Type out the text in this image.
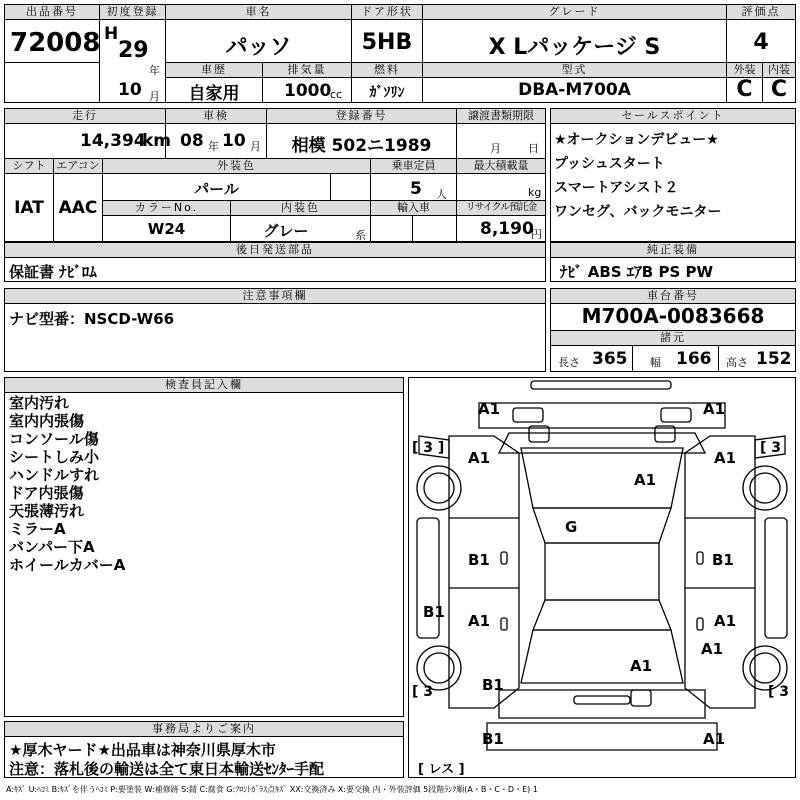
出品番号
72008
初度登録
H
29
年
10 月
車名
パッソ
ドア形状
5HB
グレード
X Lパッケージ S
評価点
4
車歴
自家用
排気量
1000
cc
燃料
ｶﾞｿﾘﾝ
型式
DBA-M700A
外装
C
内装
C
走行
14,394
km
車検
08 年 10 月
登録番号
相模 502ニ1989
譲渡書類期限
月 日
シフト
IAT
エアコン
AAC
外装色
パール
乗車定員
5 人
最大積載量
kg
カラーNo.
W24
内装色
グレー	系
輸入車	リサイクル預託金
8,190
円
セールスポイント
★オークションデビュー★
プッシュスタート
スマートアシスト２
ワンセグ、バックモニター
後日発送部品
保証書 ﾅﾋﾞﾛﾑ
純正装備
ﾅﾋﾞ ABS ｴｱB PS PW
注意事項欄
ナビ型番：NSCD-W66
車台番号
M700A-0083668
諸元
長さ 365 幅 166 高さ 152
検査員記入欄
室内汚れ
室内内張傷
コンソール傷
シートしみ小
ハンドルすれ
ドア内張傷
天張薄汚れ
ミラーA
バンパー下A
ホイールカバーA
事務局よりご案内
★厚木ヤード★出品車は神奈川県厚木市
注意：落札後の輸送は全て東日本輸送ｾﾝﾀｰ手配
A1	A1
A1	A1
A1
G
B1	B1
B1 A1	A1
A1
A1
B1
B1	A1
[ 3 ]	[ 3
[ 3	[ 3
[ レス ]
A:ｷｽﾞ U:ﾍｺﾐ B:ｷｽﾞを伴うﾍｺﾐ P:要塗装 W:補修跡 S:錆 C:腐食 G:ﾌﾛﾝﾄｶﾞﾗｽ点ｷｽﾞ XX:交換済み X:要交換 内・外装評価 5段階ﾗﾝｸ順(A・B・C・D・E) 1
